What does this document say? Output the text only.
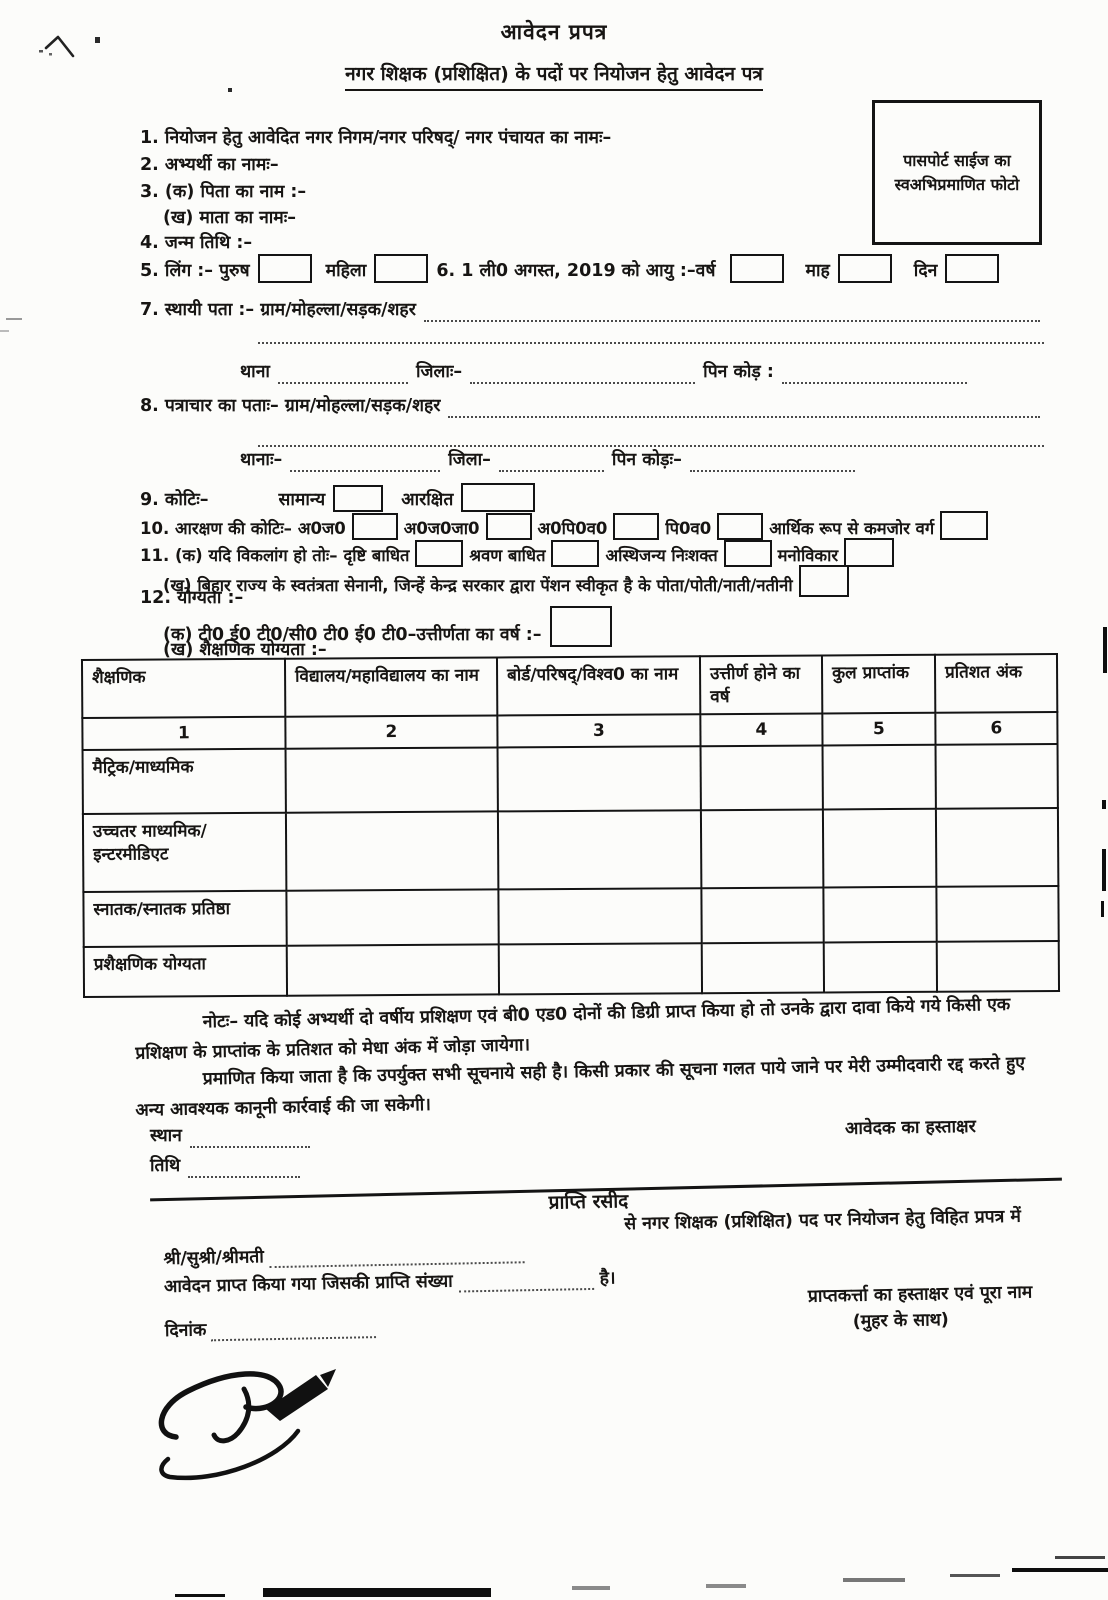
आवेदन प्रपत्र
नगर शिक्षक (प्रशिक्षित) के पदों पर नियोजन हेतु आवेदन पत्र
पासपोर्ट साईज का स्वअभिप्रमाणित फोटो
1. नियोजन हेतु आवेदित नगर निगम/नगर परिषद्/ नगर पंचायत का नामः–
2. अभ्यर्थी का नामः–
3. (क) पिता का नाम :–
(ख) माता का नामः–
4. जन्म तिथि :–
5. लिंग :– पुरुष	महिला	6. 1 ली0 अगस्त, 2019 को आयु :–वर्ष	माह	दिन
7. स्थायी पता :– ग्राम/मोहल्ला/सड़क/शहर
थाना	जिलाः–	पिन कोड़ :
8. पत्राचार का पताः– ग्राम/मोहल्ला/सड़क/शहर
थानाः–	जिला–	पिन कोड़ः–
9. कोटिः–	सामान्य	आरक्षित
10. आरक्षण की कोटिः– अ0ज0	अ0ज0जा0	अ0पि0व0	पि0व0	आर्थिक रूप से कमजोर वर्ग
11. (क) यदि विकलांग हो तोः– दृष्टि बाधित	श्रवण बाधित	अस्थिजन्य निःशक्त	मनोविकार
(ख) बिहार राज्य के स्वतंत्रता सेनानी, जिन्हें केन्द्र सरकार द्वारा पेंशन स्वीकृत है के पोता/पोती/नाती/नतीनी
12. योग्यता :–
(क) टी0 ई0 टी0/सी0 टी0 ई0 टी0–उत्तीर्णता का वर्ष :–
(ख) शैक्षणिक योग्यता :–
शैक्षणिक	विद्यालय/महाविद्यालय का नाम	बोर्ड/परिषद्/विश्व0 का नाम	उत्तीर्ण होने का वर्ष	कुल प्राप्तांक	प्रतिशत अंक
1	2	3	4	5	6
मैट्रिक/माध्यमिक					
उच्चतर माध्यमिक/इन्टरमीडिएट					
स्नातक/स्नातक प्रतिष्ठा					
प्रशैक्षणिक योग्यता					
नोटः– यदि कोई अभ्यर्थी दो वर्षीय प्रशिक्षण एवं बी0 एड0 दोनों की डिग्री प्राप्त किया हो तो उनके द्वारा दावा किये गये किसी एक प्रशिक्षण के प्राप्तांक के प्रतिशत को मेधा अंक में जोड़ा जायेगा।
प्रमाणित किया जाता है कि उपर्युक्त सभी सूचनाये सही है। किसी प्रकार की सूचना गलत पाये जाने पर मेरी उम्मीदवारी रद्द करते हुए अन्य आवश्यक कानूनी कार्रवाई की जा सकेगी।
स्थान	आवेदक का हस्ताक्षर
तिथि
प्राप्ति रसीद
से नगर शिक्षक (प्रशिक्षित) पद पर नियोजन हेतु विहित प्रपत्र में
श्री/सुश्री/श्रीमती
आवेदन प्राप्त किया गया जिसकी प्राप्ति संख्या	है।
प्राप्तकर्त्ता का हस्ताक्षर एवं पूरा नाम
(मुहर के साथ)
दिनांक
